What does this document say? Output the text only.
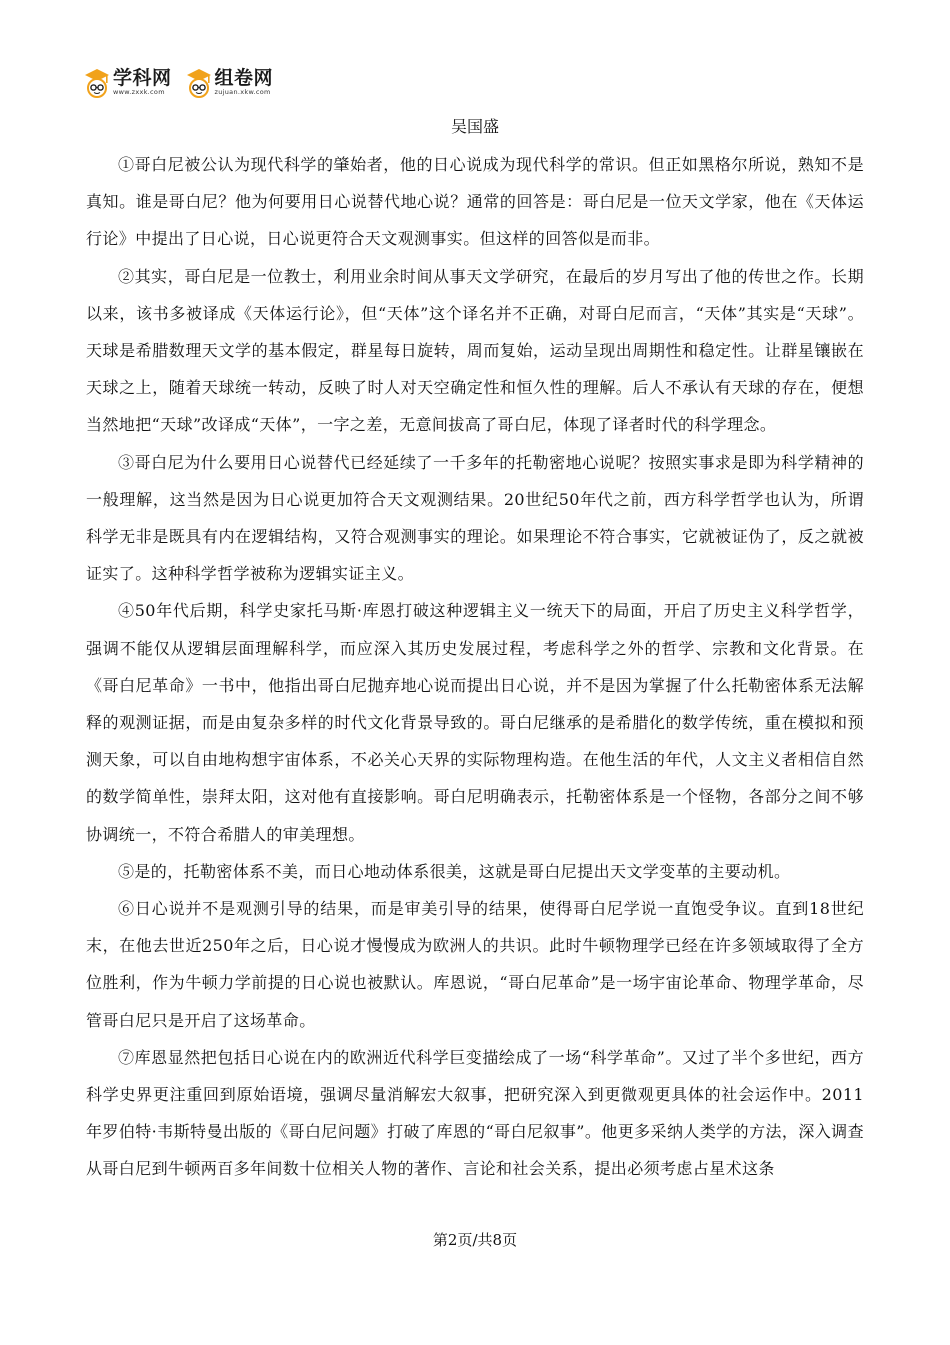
学科网
www.zxxk.com
组卷网
zujuan.xkw.com
吴国盛

①哥白尼被公认为现代科学的肇始者，他的日心说成为现代科学的常识。但正如黑格尔所说，熟知不是真知。谁是哥白尼？他为何要用日心说替代地心说？通常的回答是：哥白尼是一位天文学家，他在《天体运行论》中提出了日心说，日心说更符合天文观测事实。但这样的回答似是而非。

②其实，哥白尼是一位教士，利用业余时间从事天文学研究，在最后的岁月写出了他的传世之作。长期以来，该书多被译成《天体运行论》，但“天体”这个译名并不正确，对哥白尼而言，“天体”其实是“天球”。天球是希腊数理天文学的基本假定，群星每日旋转，周而复始，运动呈现出周期性和稳定性。让群星镶嵌在天球之上，随着天球统一转动，反映了时人对天空确定性和恒久性的理解。后人不承认有天球的存在，便想当然地把“天球”改译成“天体”，一字之差，无意间拔高了哥白尼，体现了译者时代的科学理念。

③哥白尼为什么要用日心说替代已经延续了一千多年的托勒密地心说呢？按照实事求是即为科学精神的一般理解，这当然是因为日心说更加符合天文观测结果。20世纪50年代之前，西方科学哲学也认为，所谓科学无非是既具有内在逻辑结构，又符合观测事实的理论。如果理论不符合事实，它就被证伪了，反之就被证实了。这种科学哲学被称为逻辑实证主义。

④50年代后期，科学史家托马斯·库恩打破这种逻辑主义一统天下的局面，开启了历史主义科学哲学，强调不能仅从逻辑层面理解科学，而应深入其历史发展过程，考虑科学之外的哲学、宗教和文化背景。在《哥白尼革命》一书中，他指出哥白尼抛弃地心说而提出日心说，并不是因为掌握了什么托勒密体系无法解释的观测证据，而是由复杂多样的时代文化背景导致的。哥白尼继承的是希腊化的数学传统，重在模拟和预测天象，可以自由地构想宇宙体系，不必关心天界的实际物理构造。在他生活的年代，人文主义者相信自然的数学简单性，崇拜太阳，这对他有直接影响。哥白尼明确表示，托勒密体系是一个怪物，各部分之间不够协调统一，不符合希腊人的审美理想。

⑤是的，托勒密体系不美，而日心地动体系很美，这就是哥白尼提出天文学变革的主要动机。

⑥日心说并不是观测引导的结果，而是审美引导的结果，使得哥白尼学说一直饱受争议。直到18世纪末，在他去世近250年之后，日心说才慢慢成为欧洲人的共识。此时牛顿物理学已经在许多领域取得了全方位胜利，作为牛顿力学前提的日心说也被默认。库恩说，“哥白尼革命”是一场宇宙论革命、物理学革命，尽管哥白尼只是开启了这场革命。

⑦库恩显然把包括日心说在内的欧洲近代科学巨变描绘成了一场“科学革命”。又过了半个多世纪，西方科学史界更注重回到原始语境，强调尽量消解宏大叙事，把研究深入到更微观更具体的社会运作中。2011年罗伯特·韦斯特曼出版的《哥白尼问题》打破了库恩的“哥白尼叙事”。他更多采纳人类学的方法，深入调查从哥白尼到牛顿两百多年间数十位相关人物的著作、言论和社会关系，提出必须考虑占星术这条

第2页/共8页
